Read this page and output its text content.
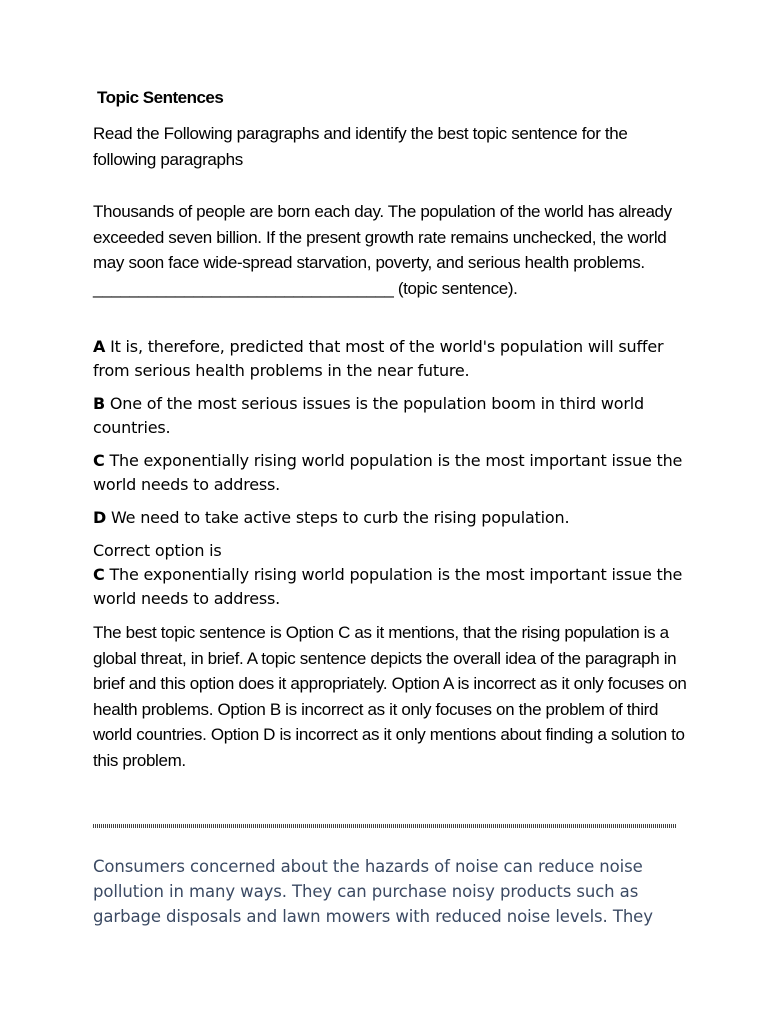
Topic Sentences
Read the Following paragraphs and identify the best topic sentence for the following paragraphs
Thousands of people are born each day. The population of the world has already exceeded seven billion. If the present growth rate remains unchecked, the world may soon face wide-spread starvation, poverty, and serious health problems. _________________________________ (topic sentence).
A It is, therefore, predicted that most of the world's population will suffer from serious health problems in the near future.
B One of the most serious issues is the population boom in third world countries.
C The exponentially rising world population is the most important issue the world needs to address.
D We need to take active steps to curb the rising population.
Correct option is
C The exponentially rising world population is the most important issue the world needs to address.
The best topic sentence is Option C as it mentions, that the rising population is a global threat, in brief. A topic sentence depicts the overall idea of the paragraph in brief and this option does it appropriately. Option A is incorrect as it only focuses on health problems. Option B is incorrect as it only focuses on the problem of third world countries. Option D is incorrect as it only mentions about finding a solution to this problem.
Consumers concerned about the hazards of noise can reduce noise pollution in many ways. They can purchase noisy products such as garbage disposals and lawn mowers with reduced noise levels. They
